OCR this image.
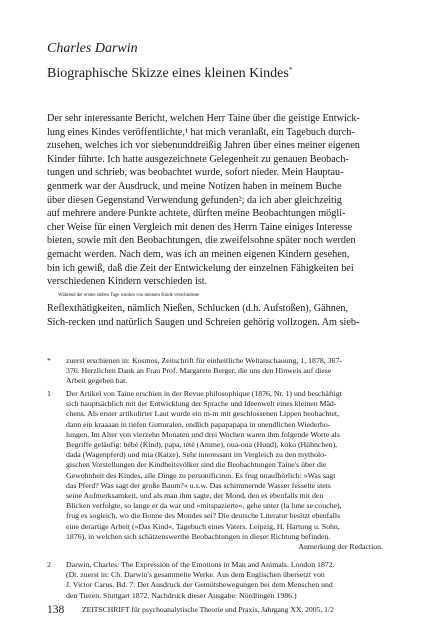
Charles Darwin
Biographische Skizze eines kleinen Kindes*
Der sehr interessante Bericht, welchen Herr Taine über die geistige Entwick-
lung eines Kindes veröffentlichte,¹ hat mich veranlaßt, ein Tagebuch durch-
zusehen, welches ich vor siebenunddreißig Jahren über eines meiner eigenen
Kinder führte. Ich hatte ausgezeichnete Gelegenheit zu genauen Beobach-
tungen und schrieb, was beobachtet wurde, sofort nieder. Mein Hauptau-
genmerk war der Ausdruck, und meine Notizen haben in meinem Buche
über diesen Gegenstand Verwendung gefunden²; da ich aber gleichzeitig
auf mehrere andere Punkte achtete, dürften meine Beobachtungen mögli-
cher Weise für einen Vergleich mit denen des Herrn Taine einiges Interesse
bieten, sowie mit den Beobachtungen, die zweifelsohne später noch werden
gemacht werden. Nach dem, was ich an meinen eigenen Kindern gesehen,
bin ich gewiß, daß die Zeit der Entwickelung der einzelnen Fähigkeiten bei
verschiedenen Kindern verschieden ist.
Während der ersten sieben Tage wurden von meinem Kinde verschiedene
Reflexthätigkeiten, nämlich Nießen, Schlucken (d.h. Aufstoßen), Gähnen,
Sich-recken und natürlich Saugen und Schreien gehörig vollzogen. Am sieb-
* zuerst erschienen in: Kosmos, Zeitschrift für einheitliche Weltanschauung, 1, 1878, 367-
376. Herzlichen Dank an Frau Prof. Margarete Berger, die uns den Hinweis auf diese
Arbeit gegeben hat.
1 Der Artikel von Taine erschien in der Revue philosophique (1876, Nr. 1) und beschäftigt
sich hauptsächlich mit der Entwicklung der Sprache und Ideenwelt eines kleinen Mäd-
chens. Als erster artikulirter Laut wurde ein m-m mit geschlossenen Lippen beobachtet,
dann ein kraaaan in tiefen Gutturalen, endlich papapapapa in unendlichen Wiederho-
lungen. Im Alter von vierzehn Monaten und drei Wochen waren ihm folgende Worte als
Begriffe geläufig: bébé (Kind), papa, tété (Amme), oua-oua (Hund), koko (Hühnchen),
dada (Wagenpferd) und mia (Katze). Sehr interessant im Vergleich zu den mytholo-
gischen Vorstellungen der Kindheitsvölker sind die Beobachtungen Taine's über die
Gewohnheit des Kindes, alle Dinge zu personificiren. Es frug unaufhörlich: »Was sagt
das Pferd? Was sagt der große Baum?« u.s.w. Das schimmernde Wasser fesselte stets
seine Aufmerksamkeit, und als man ihm sagte, der Mond, den es ebenfalls mit den
Blicken verfolgte, so lange er da war und »mitspazierte«, gehe unter (la lune se couche),
frug es sogleich, wo die Bonne des Mondes sei? Die deutsche Literatur besitzt ebenfalls
eine derartige Arbeit (»Das Kind«, Tagebuch eines Vaters. Leipzig, H. Hartung u. Sohn,
1876), in welchen sich schätzenswerthe Beobachtungen in dieser Richtung befinden.
Anmerkung der Redaction.
2 Darwin, Charles: The Expression of the Emotions in Man and Animals. London 1872.
(Dt. zuerst in: Ch. Darwin's gesammelte Werke. Aus dem Englischen übersetzt von
J. Victor Carus. Bd. 7: Der Ausdruck der Gemütsbewegungen bei dem Menschen und
den Tieren. Stuttgart 1872. Nachdruck dieser Ausgabe: Nördlingen 1986.)
138 ZEITSCHRIFT für psychoanalytische Theorie und Praxis, Jahrgang XX, 2005, 1/2
